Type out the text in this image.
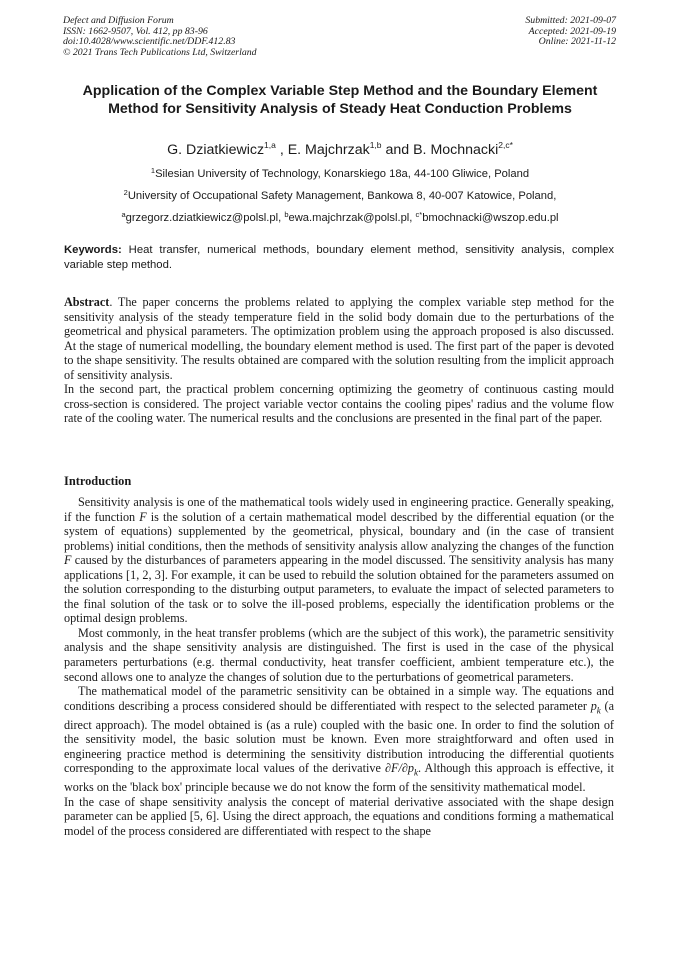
Defect and Diffusion Forum
ISSN: 1662-9507, Vol. 412, pp 83-96
doi:10.4028/www.scientific.net/DDF.412.83
© 2021 Trans Tech Publications Ltd, Switzerland
Submitted: 2021-09-07
Accepted: 2021-09-19
Online: 2021-11-12
Application of the Complex Variable Step Method and the Boundary Element Method for Sensitivity Analysis of Steady Heat Conduction Problems
G. Dziatkiewicz$^{1,a}$ , E. Majchrzak$^{1,b}$ and B. Mochnacki$^{2,c*}$
$^1$Silesian University of Technology, Konarskiego 18a, 44-100 Gliwice, Poland
$^2$University of Occupational Safety Management, Bankowa 8, 40-007 Katowice, Poland,
$^a$grzegorz.dziatkiewicz@polsl.pl, $^b$ewa.majchrzak@polsl.pl, $^{c*}$bmochnacki@wszop.edu.pl
Keywords: Heat transfer, numerical methods, boundary element method, sensitivity analysis, complex variable step method.

Abstract. The paper concerns the problems related to applying the complex variable step method for the sensitivity analysis of the steady temperature field in the solid body domain due to the perturbations of the geometrical and physical parameters. The optimization problem using the approach proposed is also discussed. At the stage of numerical modelling, the boundary element method is used. The first part of the paper is devoted to the shape sensitivity. The results obtained are compared with the solution resulting from the implicit approach of sensitivity analysis.

In the second part, the practical problem concerning optimizing the geometry of continuous casting mould cross-section is considered. The project variable vector contains the cooling pipes' radius and the volume flow rate of the cooling water. The numerical results and the conclusions are presented in the final part of the paper.

Introduction

Sensitivity analysis is one of the mathematical tools widely used in engineering practice. Generally speaking, if the function F is the solution of a certain mathematical model described by the differential equation (or the system of equations) supplemented by the geometrical, physical, boundary and (in the case of transient problems) initial conditions, then the methods of sensitivity analysis allow analyzing the changes of the function F caused by the disturbances of parameters appearing in the model discussed. The sensitivity analysis has many applications [1, 2, 3]. For example, it can be used to rebuild the solution obtained for the parameters assumed on the solution corresponding to the disturbing output parameters, to evaluate the impact of selected parameters to the final solution of the task or to solve the ill-posed problems, especially the identification problems or the optimal design problems.

Most commonly, in the heat transfer problems (which are the subject of this work), the parametric sensitivity analysis and the shape sensitivity analysis are distinguished. The first is used in the case of the physical parameters perturbations (e.g. thermal conductivity, heat transfer coefficient, ambient temperature etc.), the second allows one to analyze the changes of solution due to the perturbations of geometrical parameters.

The mathematical model of the parametric sensitivity can be obtained in a simple way. The equations and conditions describing a process considered should be differentiated with respect to the selected parameter $p_k$ (a direct approach). The model obtained is (as a rule) coupled with the basic one. In order to find the solution of the sensitivity model, the basic solution must be known. Even more straightforward and often used in engineering practice method is determining the sensitivity distribution introducing the differential quotients corresponding to the approximate local values of the derivative $\partial F/\partial p_k$. Although this approach is effective, it works on the 'black box' principle because we do not know the form of the sensitivity mathematical model.

In the case of shape sensitivity analysis the concept of material derivative associated with the shape design parameter can be applied [5, 6]. Using the direct approach, the equations and conditions forming a mathematical model of the process considered are differentiated with respect to the shape
